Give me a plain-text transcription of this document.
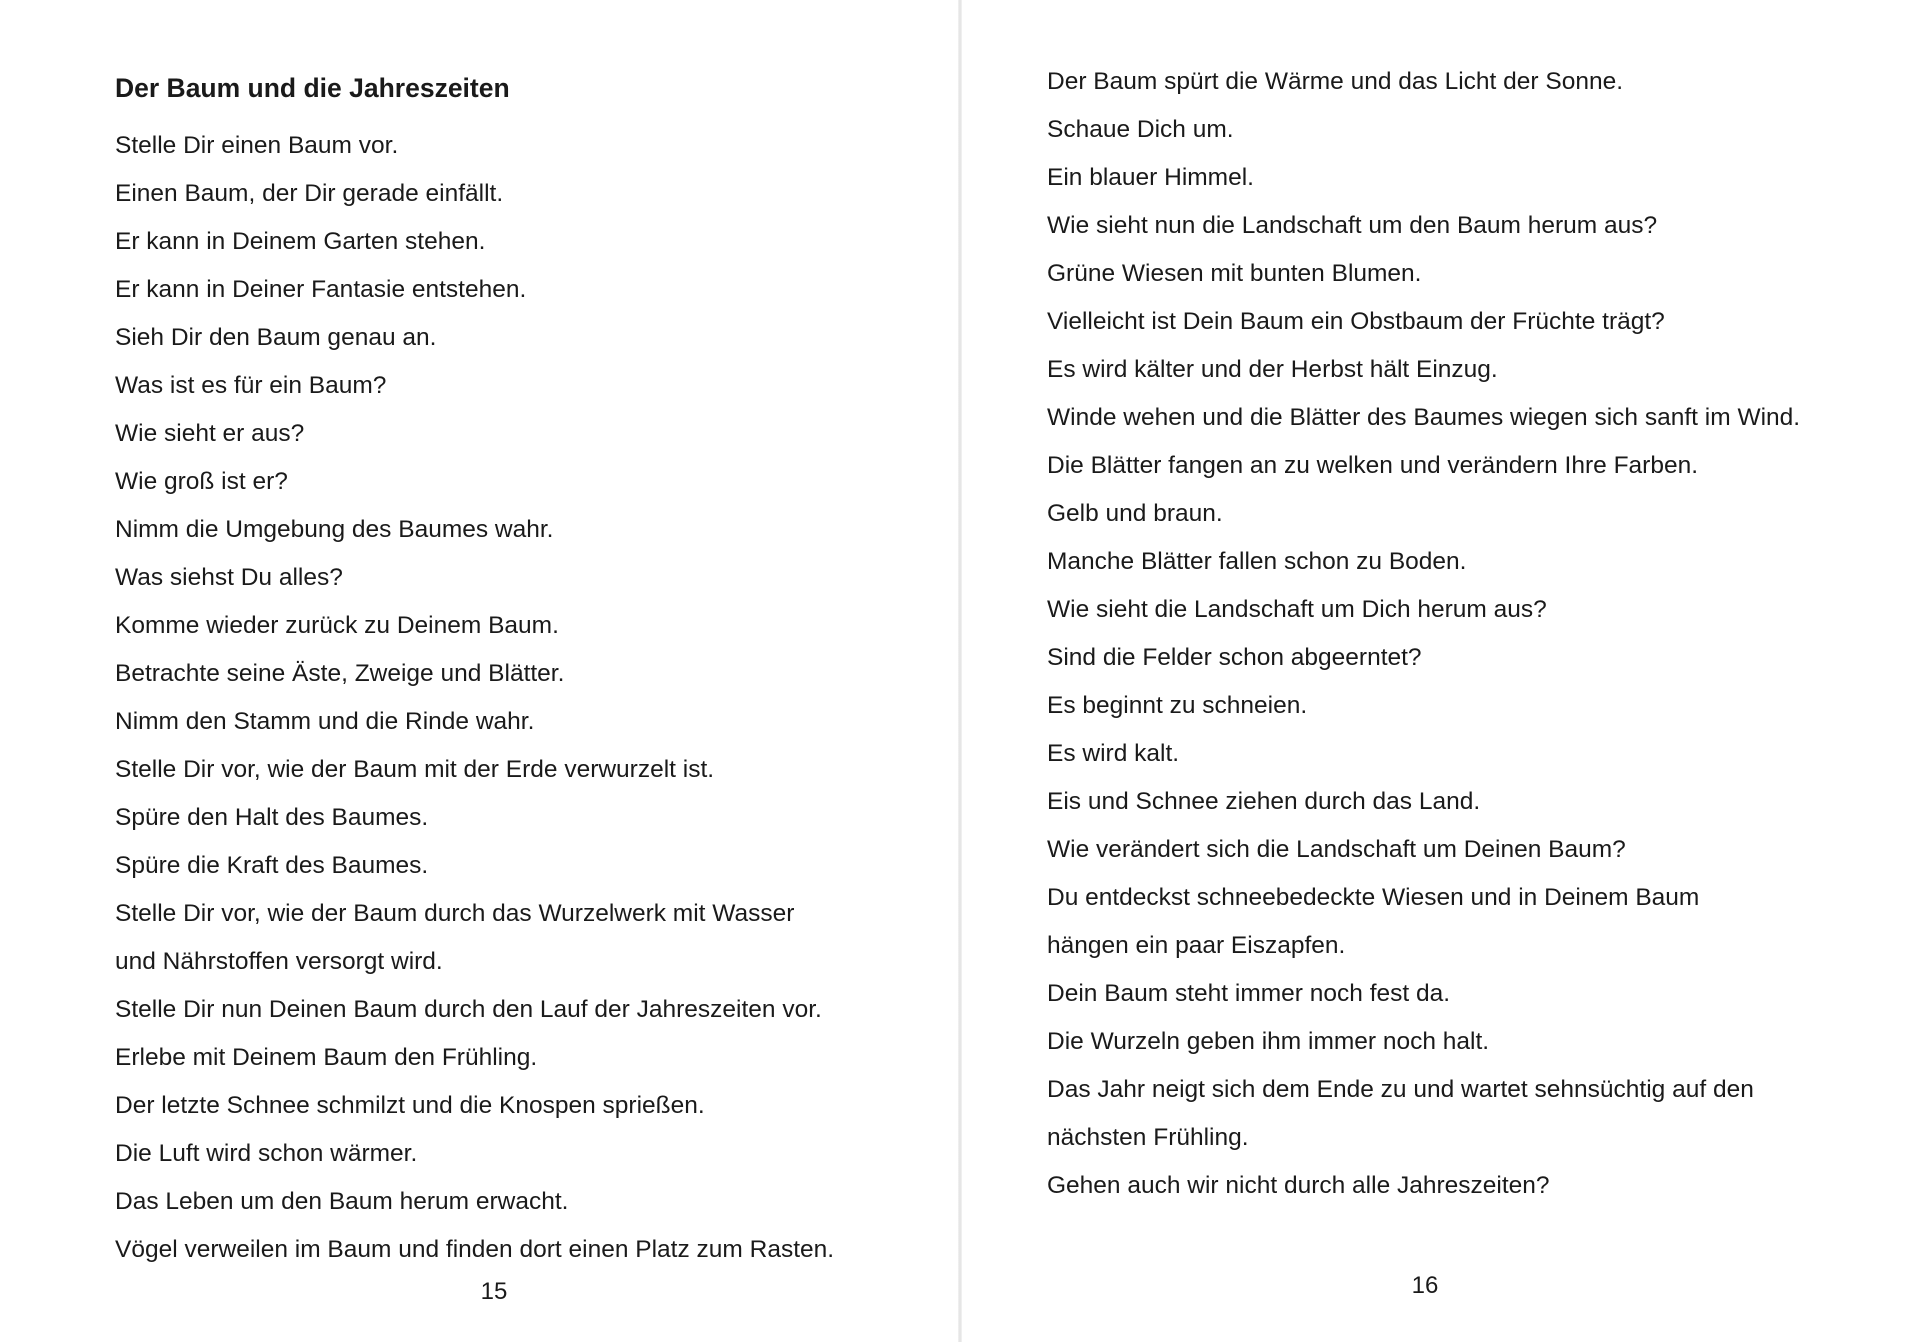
Der Baum und die Jahreszeiten
Stelle Dir einen Baum vor.
Einen Baum, der Dir gerade einfällt.
Er kann in Deinem Garten stehen.
Er kann in Deiner Fantasie entstehen.
Sieh Dir den Baum genau an.
Was ist es für ein Baum?
Wie sieht er aus?
Wie groß ist er?
Nimm die Umgebung des Baumes wahr.
Was siehst Du alles?
Komme wieder zurück zu Deinem Baum.
Betrachte seine Äste, Zweige und Blätter.
Nimm den Stamm und die Rinde wahr.
Stelle Dir vor, wie der Baum mit der Erde verwurzelt ist.
Spüre den Halt des Baumes.
Spüre die Kraft des Baumes.
Stelle Dir vor, wie der Baum durch das Wurzelwerk mit Wasser
und Nährstoffen versorgt wird.
Stelle Dir nun Deinen Baum durch den Lauf der Jahreszeiten vor.
Erlebe mit Deinem Baum den Frühling.
Der letzte Schnee schmilzt und die Knospen sprießen.
Die Luft wird schon wärmer.
Das Leben um den Baum herum erwacht.
Vögel verweilen im Baum und finden dort einen Platz zum Rasten.
15
Der Baum spürt die Wärme und das Licht der Sonne.
Schaue Dich um.
Ein blauer Himmel.
Wie sieht nun die Landschaft um den Baum herum aus?
Grüne Wiesen mit bunten Blumen.
Vielleicht ist Dein Baum ein Obstbaum der Früchte trägt?
Es wird kälter und der Herbst hält Einzug.
Winde wehen und die Blätter des Baumes wiegen sich sanft im Wind.
Die Blätter fangen an zu welken und verändern Ihre Farben.
Gelb und braun.
Manche Blätter fallen schon zu Boden.
Wie sieht die Landschaft um Dich herum aus?
Sind die Felder schon abgeerntet?
Es beginnt zu schneien.
Es wird kalt.
Eis und Schnee ziehen durch das Land.
Wie verändert sich die Landschaft um Deinen Baum?
Du entdeckst schneebedeckte Wiesen und in Deinem Baum
hängen ein paar Eiszapfen.
Dein Baum steht immer noch fest da.
Die Wurzeln geben ihm immer noch halt.
Das Jahr neigt sich dem Ende zu und wartet sehnsüchtig auf den
nächsten Frühling.
Gehen auch wir nicht durch alle Jahreszeiten?
16
